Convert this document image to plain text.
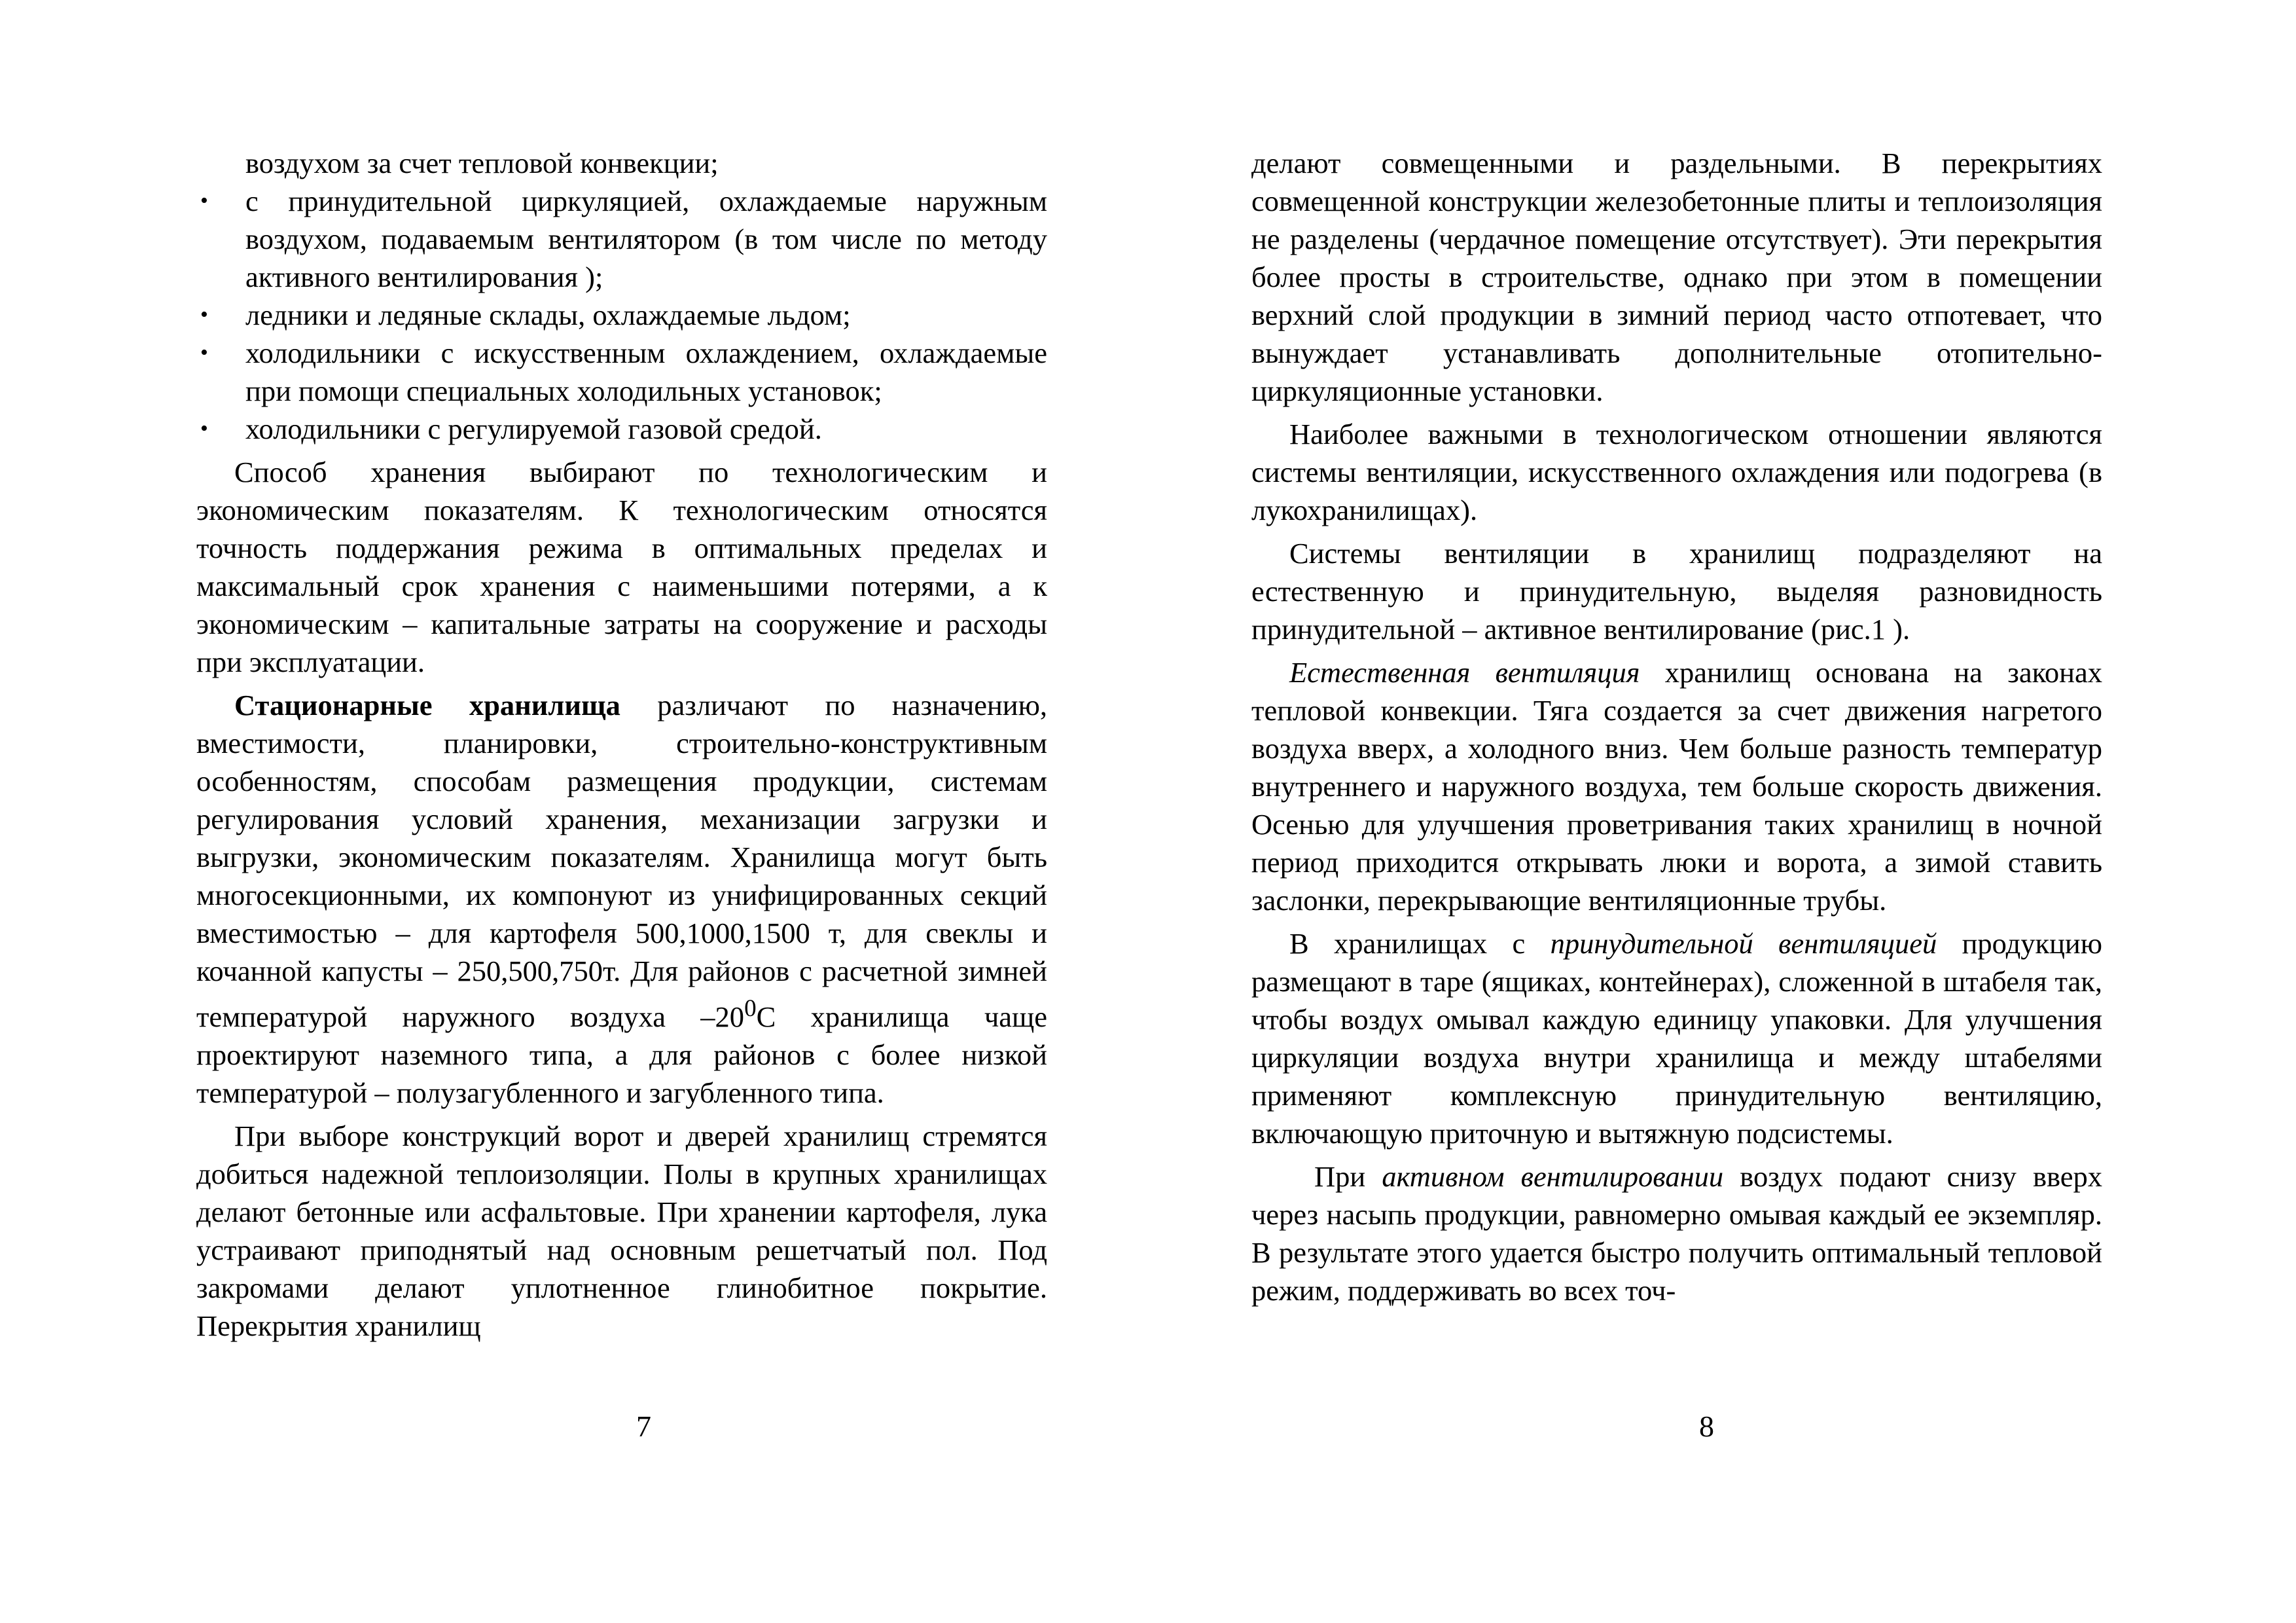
воздухом за счет тепловой конвекции;

• с принудительной циркуляцией, охлаждаемые наружным воздухом, подаваемым вентилятором (в том числе по методу активного вентилирования );
• ледники и ледяные склады, охлаждаемые льдом;
• холодильники с искусственным охлаждением, охлаждаемые при помощи специальных холодильных установок;
• холодильники с регулируемой газовой средой.

Способ хранения выбирают по технологическим и экономическим показателям. К технологическим относятся точность поддержания режима в оптимальных пределах и максимальный срок хранения с наименьшими потерями, а к экономическим – капитальные затраты на сооружение и расходы при эксплуатации.

Стационарные хранилища различают по назначению, вместимости, планировки, строительно-конструктивным особенностям, способам размещения продукции, системам регулирования условий хранения, механизации загрузки и выгрузки, экономическим показателям. Хранилища могут быть многосекционными, их компонуют из унифицированных секций вместимостью – для картофеля 500,1000,1500 т, для свеклы и кочанной капусты – 250,500,750т. Для районов с расчетной зимней температурой наружного воздуха $-20^0С$ хранилища чаще проектируют наземного типа, а для районов с более низкой температурой – полузагубленного и загубленного типа.

При выборе конструкций ворот и дверей хранилищ стремятся добиться надежной теплоизоляции. Полы в крупных хранилищах делают бетонные или асфальтовые. При хранении картофеля, лука устраивают приподнятый над основным решетчатый пол. Под закромами делают уплотненное глинобитное покрытие. Перекрытия хранилищ

7

делают совмещенными и раздельными. В перекрытиях совмещенной конструкции железобетонные плиты и теплоизоляция не разделены (чердачное помещение отсутствует). Эти перекрытия более просты в строительстве, однако при этом в помещении верхний слой продукции в зимний период часто отпотевает, что вынуждает устанавливать дополнительные отопительно-циркуляционные установки.

Наиболее важными в технологическом отношении являются системы вентиляции, искусственного охлаждения или подогрева (в лукохранилищах).

Системы вентиляции в хранилищ подразделяют на естественную и принудительную, выделяя разновидность принудительной – активное вентилирование (рис.1 ).

Естественная вентиляция хранилищ основана на законах тепловой конвекции. Тяга создается за счет движения нагретого воздуха вверх, а холодного вниз. Чем больше разность температур внутреннего и наружного воздуха, тем больше скорость движения. Осенью для улучшения проветривания таких хранилищ в ночной период приходится открывать люки и ворота, а зимой ставить заслонки, перекрывающие вентиляционные трубы.

В хранилищах с принудительной вентиляцией продукцию размещают в таре (ящиках, контейнерах), сложенной в штабеля так, чтобы воздух омывал каждую единицу упаковки. Для улучшения циркуляции воздуха внутри хранилища и между штабелями применяют комплексную принудительную вентиляцию, включающую приточную и вытяжную подсистемы.

При активном вентилировании воздух подают снизу вверх через насыпь продукции, равномерно омывая каждый ее экземпляр. В результате этого удается быстро получить оптимальный тепловой режим, поддерживать во всех точ-

8
